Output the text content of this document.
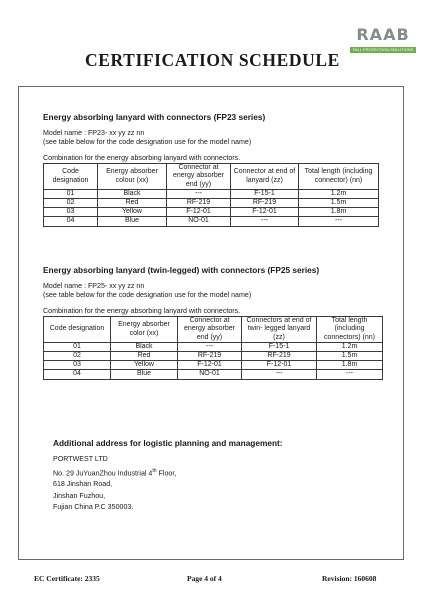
RAAB
FALL PROTECTION SOLUTIONS
CERTIFICATION SCHEDULE
Energy absorbing lanyard with connectors (FP23 series)
Model name : FP23- xx yy zz nn
(see table below for the code designation use for the model name)
Combination for the energy absorbing lanyard with connectors.
Code designation	Energy absorber colour (xx)	Connector at energy absorber end (yy)	Connector at end of lanyard (zz)	Total length (including connector) (nn)
01	Black	---	F-15-1	1.2m
02	Red	RF-219	RF-219	1.5m
03	Yellow	F-12-01	F-12-01	1.8m
04	Blue	NO-01	---	---
Energy absorbing lanyard (twin-legged) with connectors (FP25 series)
Model name : FP25- xx yy zz nn
(see table below for the code designation use for the model name)
Combination for the energy absorbing lanyard with connectors.
Code designation	Energy absorber color (xx)	Connector at energy absorber end (yy)	Connectors at end of twin- legged lanyard (zz)	Total length (including connectors) (nn)
01	Black	---	F-15-1	1.2m
02	Red	RF-219	RF-219	1.5m
03	Yellow	F-12-01	F-12-01	1.8m
04	Blue	NO-01	---	---
Additional address for logistic planning and management:
PORTWEST LTD
No. 29 JuYuanZhou Industrial 4th Floor,
618 Jinshan Road,
Jinshan Fuzhou,
Fujian China P.C 350003.
EC Certificate: 2335	Page 4 of 4	Revision: 160608
